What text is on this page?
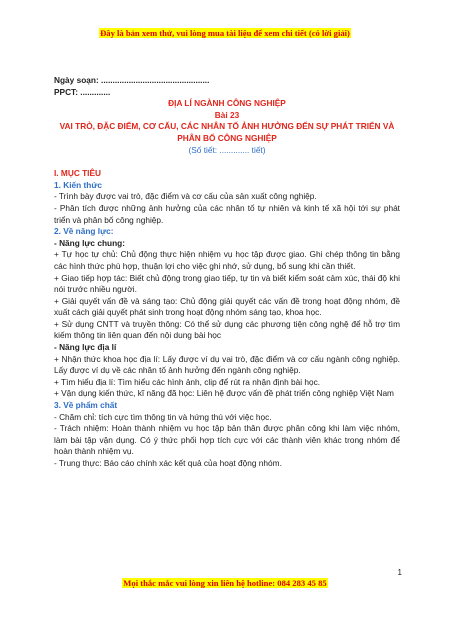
Đây là bản xem thử, vui lòng mua tài liệu để xem chi tiết (có lời giải)
Ngày soạn: ...............................................
PPCT: .............
ĐỊA LÍ NGÀNH CÔNG NGHIỆP
Bài 23
VAI TRÒ, ĐẶC ĐIỂM, CƠ CẤU, CÁC NHÂN TỐ ẢNH HƯỞNG ĐẾN SỰ PHÁT TRIỂN VÀ PHÂN BỐ CÔNG NGHIỆP
(Số tiết: ............. tiết)
I. MỤC TIÊU
1. Kiến thức
- Trình bày được vai trò, đặc điểm và cơ cấu của sản xuất công nghiệp.
- Phân tích được những ảnh hưởng của các nhân tố tự nhiên và kinh tế xã hội tới sự phát triển và phân bố công nghiệp.
2. Về năng lực:
- Năng lực chung:
+ Tự học tự chủ: Chủ động thực hiện nhiệm vụ học tập được giao. Ghi chép thông tin bằng các hình thức phù hợp, thuận lợi cho việc ghi nhớ, sử dụng, bổ sung khi cần thiết.
+ Giao tiếp hợp tác: Biết chủ động trong giao tiếp, tự tin và biết kiểm soát cảm xúc, thái độ khi nói trước nhiều người.
+ Giải quyết vấn đề và sáng tạo: Chủ động giải quyết các vấn đề trong hoạt động nhóm, đề xuất cách giải quyết phát sinh trong hoạt động nhóm sáng tạo, khoa học.
+ Sử dụng CNTT và truyền thông: Có thể sử dụng các phương tiện công nghệ để hỗ trợ tìm kiếm thông tin liên quan đến nội dung bài học
- Năng lực địa lí
+ Nhận thức khoa học địa lí: Lấy được ví dụ vai trò, đặc điểm và cơ cấu ngành công nghiệp. Lấy được ví dụ về các nhân tố ảnh hưởng đến ngành công nghiệp.
+ Tìm hiểu địa lí: Tìm hiểu các hình ảnh, clip để rút ra nhận định bài học.
+ Vận dụng kiến thức, kĩ năng đã học: Liên hệ được vấn đề phát triển công nghiệp Việt Nam
3. Về phẩm chất
- Chăm chỉ: tích cực tìm thông tin và hứng thú với việc học.
- Trách nhiệm: Hoàn thành nhiệm vụ học tập bản thân được phân công khi làm việc nhóm, làm bài tập vận dụng. Có ý thức phối hợp tích cực với các thành viên khác trong nhóm để hoàn thành nhiệm vụ.
- Trung thực: Báo cáo chính xác kết quả của hoạt động nhóm.
1
Mọi thắc mắc vui lòng xin liên hệ hotline: 084 283 45 85
